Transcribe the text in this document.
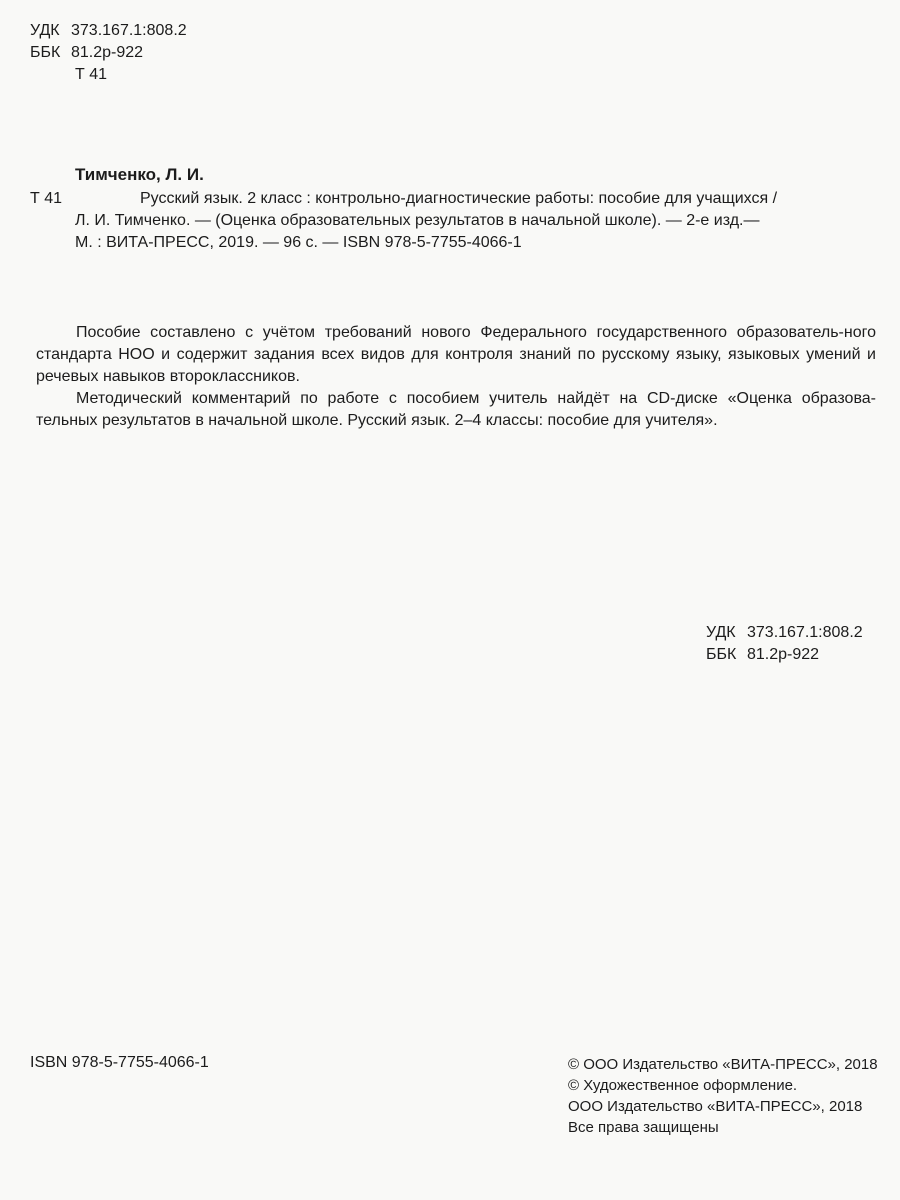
УДК 373.167.1:808.2
ББК 81.2р-922
Т 41
Тимченко, Л. И.
Т 41	Русский язык. 2 класс : контрольно-диагностические работы: пособие для учащихся /
Л. И. Тимченко. — (Оценка образовательных результатов в начальной школе). — 2-е изд.—
М. : ВИТА-ПРЕСС, 2019. — 96 с. — ISBN 978-5-7755-4066-1

Пособие составлено с учётом требований нового Федерального государственного образователь-ного стандарта НОО и содержит задания всех видов для контроля знаний по русскому языку, языковых умений и речевых навыков второклассников.

Методический комментарий по работе с пособием учитель найдёт на CD-диске «Оценка образова-тельных результатов в начальной школе. Русский язык. 2–4 классы: пособие для учителя».

УДК 373.167.1:808.2
ББК 81.2р-922
ISBN 978-5-7755-4066-1	© ООО Издательство «ВИТА-ПРЕСС», 2018
© Художественное оформление.
ООО Издательство «ВИТА-ПРЕСС», 2018
Все права защищены
